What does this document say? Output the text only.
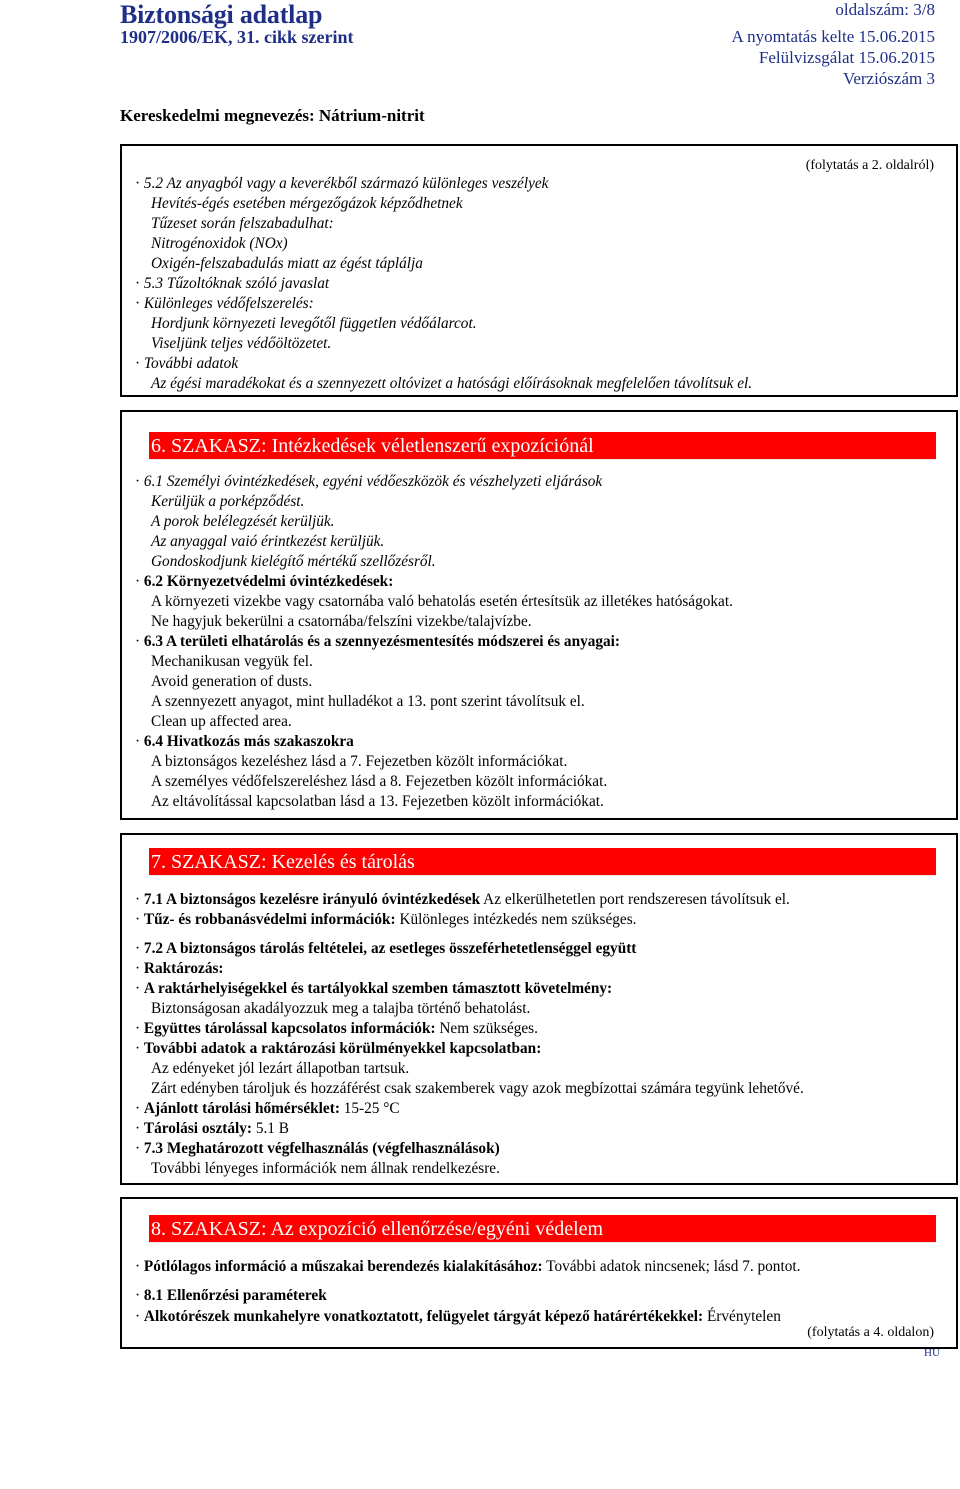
Biztonsági adatlap
1907/2006/EK, 31. cikk szerint
oldalszám: 3/8
A nyomtatás kelte 15.06.2015
Felülvizsgálat 15.06.2015
Verziószám 3
Kereskedelmi megnevezés: Nátrium-nitrit
(folytatás a 2. oldalról)
· 5.2 Az anyagból vagy a keverékből származó különleges veszélyek
Hevítés-égés esetében mérgezőgázok képződhetnek
Tűzeset során felszabadulhat:
Nitrogénoxidok (NOx)
Oxigén-felszabadulás miatt az égést táplálja
· 5.3 Tűzoltóknak szóló javaslat
· Különleges védőfelszerelés:
Hordjunk környezeti levegőtől független védőálarcot.
Viseljünk teljes védőöltözetet.
· További adatok
Az égési maradékokat és a szennyezett oltóvizet a hatósági előírásoknak megfelelően távolítsuk el.
6. SZAKASZ: Intézkedések véletlenszerű expozíciónál
· 6.1 Személyi óvintézkedések, egyéni védőeszközök és vészhelyzeti eljárások
Kerüljük a porképződést.
A porok belélegzését kerüljük.
Az anyaggal vaió érintkezést kerüljük.
Gondoskodjunk kielégítő mértékű szellőzésről.
· 6.2 Környezetvédelmi óvintézkedések:
A környezeti vizekbe vagy csatornába való behatolás esetén értesítsük az illetékes hatóságokat.
Ne hagyjuk bekerülni a csatornába/felszíni vizekbe/talajvízbe.
· 6.3 A területi elhatárolás és a szennyezésmentesítés módszerei és anyagai:
Mechanikusan vegyük fel.
Avoid generation of dusts.
A szennyezett anyagot, mint hulladékot a 13. pont szerint távolítsuk el.
Clean up affected area.
· 6.4 Hivatkozás más szakaszokra
A biztonságos kezeléshez lásd a 7. Fejezetben közölt információkat.
A személyes védőfelszereléshez lásd a 8. Fejezetben közölt információkat.
Az eltávolítással kapcsolatban lásd a 13. Fejezetben közölt információkat.
7. SZAKASZ: Kezelés és tárolás
· 7.1 A biztonságos kezelésre irányuló óvintézkedések Az elkerülhetetlen port rendszeresen távolítsuk el.
· Tűz- és robbanásvédelmi információk: Különleges intézkedés nem szükséges.
· 7.2 A biztonságos tárolás feltételei, az esetleges összeférhetetlenséggel együtt
· Raktározás:
· A raktárhelyiségekkel és tartályokkal szemben támasztott követelmény:
Biztonságosan akadályozzuk meg a talajba történő behatolást.
· Együttes tárolással kapcsolatos információk: Nem szükséges.
· További adatok a raktározási körülményekkel kapcsolatban:
Az edényeket jól lezárt állapotban tartsuk.
Zárt edényben tároljuk és hozzáférést csak szakemberek vagy azok megbízottai számára tegyünk lehetővé.
· Ajánlott tárolási hőmérséklet: 15-25 °C
· Tárolási osztály: 5.1 B
· 7.3 Meghatározott végfelhasználás (végfelhasználások)
További lényeges információk nem állnak rendelkezésre.
8. SZAKASZ: Az expozíció ellenőrzése/egyéni védelem
· Pótlólagos információ a műszakai berendezés kialakításához: További adatok nincsenek; lásd 7. pontot.
· 8.1 Ellenőrzési paraméterek
· Alkotórészek munkahelyre vonatkoztatott, felügyelet tárgyát képező határértékekkel: Érvénytelen
(folytatás a 4. oldalon)
HU
